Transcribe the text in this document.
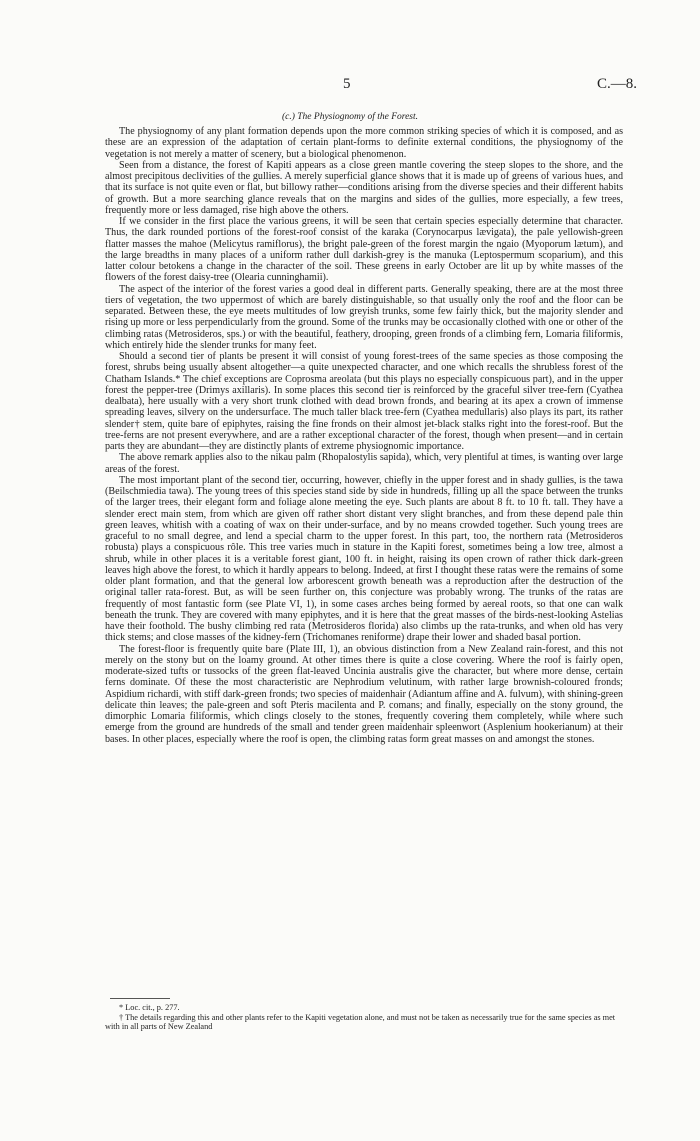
5	C.—8.
(c.) The Physiognomy of the Forest.

The physiognomy of any plant formation depends upon the more common striking species of which it is composed, and as these are an expression of the adaptation of certain plant-forms to definite external conditions, the physiognomy of the vegetation is not merely a matter of scenery, but a biological phenomenon.

Seen from a distance, the forest of Kapiti appears as a close green mantle covering the steep slopes to the shore, and the almost precipitous declivities of the gullies. A merely superficial glance shows that it is made up of greens of various hues, and that its surface is not quite even or flat, but billowy rather—conditions arising from the diverse species and their different habits of growth. But a more searching glance reveals that on the margins and sides of the gullies, more especially, a few trees, frequently more or less damaged, rise high above the others.

If we consider in the first place the various greens, it will be seen that certain species especially determine that character. Thus, the dark rounded portions of the forest-roof consist of the karaka (Corynocarpus lævigata), the pale yellowish-green flatter masses the mahoe (Melicytus ramiflorus), the bright pale-green of the forest margin the ngaio (Myoporum lætum), and the large breadths in many places of a uniform rather dull darkish-grey is the manuka (Leptospermum scoparium), and this latter colour betokens a change in the character of the soil. These greens in early October are lit up by white masses of the flowers of the forest daisy-tree (Olearia cunninghamii).

The aspect of the interior of the forest varies a good deal in different parts. Generally speaking, there are at the most three tiers of vegetation, the two uppermost of which are barely distinguishable, so that usually only the roof and the floor can be separated. Between these, the eye meets multitudes of low greyish trunks, some few fairly thick, but the majority slender and rising up more or less perpendicularly from the ground. Some of the trunks may be occasionally clothed with one or other of the climbing ratas (Metrosideros, sps.) or with the beautiful, feathery, drooping, green fronds of a climbing fern, Lomaria filiformis, which entirely hide the slender trunks for many feet.

Should a second tier of plants be present it will consist of young forest-trees of the same species as those composing the forest, shrubs being usually absent altogether—a quite unexpected character, and one which recalls the shrubless forest of the Chatham Islands.* The chief exceptions are Coprosma areolata (but this plays no especially conspicuous part), and in the upper forest the pepper-tree (Drimys axillaris). In some places this second tier is reinforced by the graceful silver tree-fern (Cyathea dealbata), here usually with a very short trunk clothed with dead brown fronds, and bearing at its apex a crown of immense spreading leaves, silvery on the undersurface. The much taller black tree-fern (Cyathea medullaris) also plays its part, its rather slender† stem, quite bare of epiphytes, raising the fine fronds on their almost jet-black stalks right into the forest-roof. But the tree-ferns are not present everywhere, and are a rather exceptional character of the forest, though when present—and in certain parts they are abundant—they are distinctly plants of extreme physiognomic importance.

The above remark applies also to the nikau palm (Rhopalostylis sapida), which, very plentiful at times, is wanting over large areas of the forest.

The most important plant of the second tier, occurring, however, chiefly in the upper forest and in shady gullies, is the tawa (Beilschmiedia tawa). The young trees of this species stand side by side in hundreds, filling up all the space between the trunks of the larger trees, their elegant form and foliage alone meeting the eye. Such plants are about 8 ft. to 10 ft. tall. They have a slender erect main stem, from which are given off rather short distant very slight branches, and from these depend pale thin green leaves, whitish with a coating of wax on their under-surface, and by no means crowded together. Such young trees are graceful to no small degree, and lend a special charm to the upper forest. In this part, too, the northern rata (Metrosideros robusta) plays a conspicuous rôle. This tree varies much in stature in the Kapiti forest, sometimes being a low tree, almost a shrub, while in other places it is a veritable forest giant, 100 ft. in height, raising its open crown of rather thick dark-green leaves high above the forest, to which it hardly appears to belong. Indeed, at first I thought these ratas were the remains of some older plant formation, and that the general low arborescent growth beneath was a reproduction after the destruction of the original taller rata-forest. But, as will be seen further on, this conjecture was probably wrong. The trunks of the ratas are frequently of most fantastic form (see Plate VI, 1), in some cases arches being formed by aereal roots, so that one can walk beneath the trunk. They are covered with many epiphytes, and it is here that the great masses of the birds-nest-looking Astelias have their foothold. The bushy climbing red rata (Metrosideros florida) also climbs up the rata-trunks, and when old has very thick stems; and close masses of the kidney-fern (Trichomanes reniforme) drape their lower and shaded basal portion.

The forest-floor is frequently quite bare (Plate III, 1), an obvious distinction from a New Zealand rain-forest, and this not merely on the stony but on the loamy ground. At other times there is quite a close covering. Where the roof is fairly open, moderate-sized tufts or tussocks of the green flat-leaved Uncinia australis give the character, but where more dense, certain ferns dominate. Of these the most characteristic are Nephrodium velutinum, with rather large brownish-coloured fronds; Aspidium richardi, with stiff dark-green fronds; two species of maidenhair (Adiantum affine and A. fulvum), with shining-green delicate thin leaves; the pale-green and soft Pteris macilenta and P. comans; and finally, especially on the stony ground, the dimorphic Lomaria filiformis, which clings closely to the stones, frequently covering them completely, while where such emerge from the ground are hundreds of the small and tender green maidenhair spleenwort (Asplenium hookerianum) at their bases. In other places, especially where the roof is open, the climbing ratas form great masses on and amongst the stones.

* Loc. cit., p. 277.

† The details regarding this and other plants refer to the Kapiti vegetation alone, and must not be taken as necessarily true for the same species as met with in all parts of New Zealand
